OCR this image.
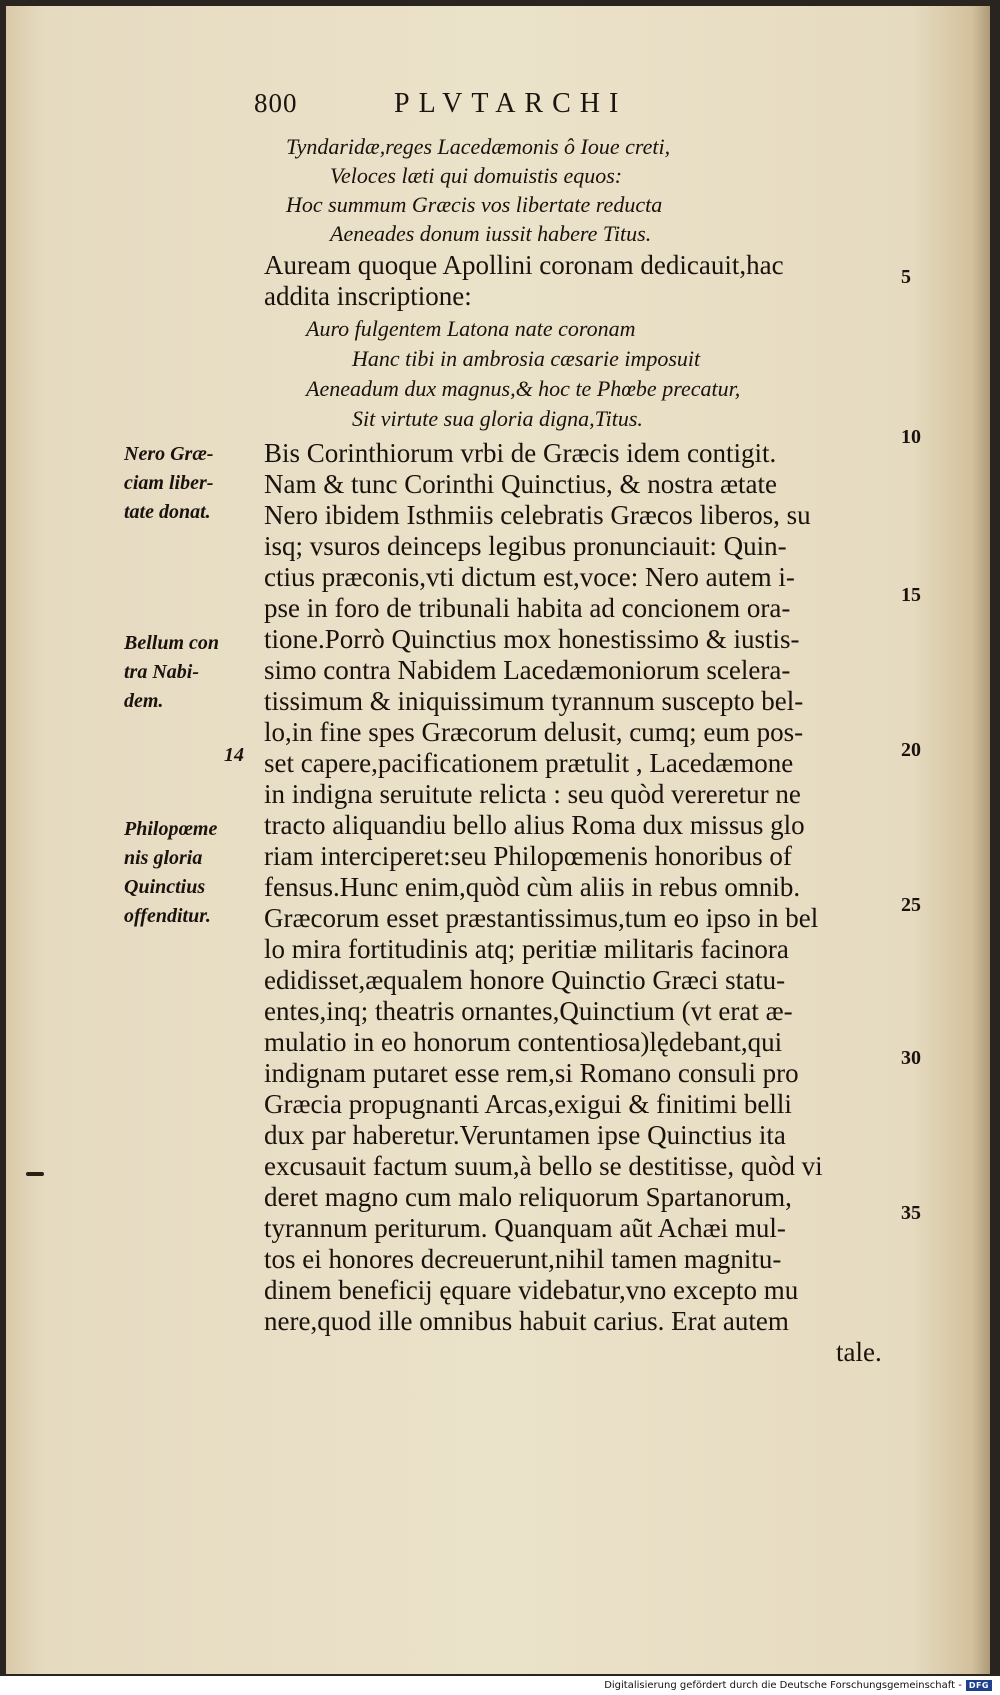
800	PLVTARCHI
Tyndaridæ,reges Lacedæmonis ô Ioue creti,
Veloces læti qui domuistis equos:
Hoc summum Græcis vos libertate reducta
Aeneades donum iussit habere Titus.
Auream quoque Apollini coronam dedicauit,hac
addita inscriptione:
Auro fulgentem Latona nate coronam
Hanc tibi in ambrosia cæsarie imposuit
Aeneadum dux magnus,& hoc te Phœbe precatur,
Sit virtute sua gloria digna,Titus.
Bis Corinthiorum vrbi de Græcis idem contigit.
Nam & tunc Corinthi Quinctius, & nostra ætate
Nero ibidem Isthmiis celebratis Græcos liberos, su
isq; vsuros deinceps legibus pronunciauit: Quin-
ctius præconis,vti dictum est,voce: Nero autem i-
pse in foro de tribunali habita ad concionem ora-
tione.Porrò Quinctius mox honestissimo & iustis-
simo contra Nabidem Lacedæmoniorum scelera-
tissimum & iniquissimum tyrannum suscepto bel-
lo,in fine spes Græcorum delusit, cumq; eum pos-
set capere,pacificationem prætulit , Lacedæmone
in indigna seruitute relicta : seu quòd vereretur ne
tracto aliquandiu bello alius Roma dux missus glo
riam interciperet:seu Philopœmenis honoribus of
fensus.Hunc enim,quòd cùm aliis in rebus omnib.
Græcorum esset præstantissimus,tum eo ipso in bel
lo mira fortitudinis atq; peritiæ militaris facinora
edidisset,æqualem honore Quinctio Græci statu-
entes,inq; theatris ornantes,Quinctium (vt erat æ-
mulatio in eo honorum contentiosa)lędebant,qui
indignam putaret esse rem,si Romano consuli pro
Græcia propugnanti Arcas,exigui & finitimi belli
dux par haberetur.Veruntamen ipse Quinctius ita
excusauit factum suum,à bello se destitisse, quòd vi
deret magno cum malo reliquorum Spartanorum,
tyrannum periturum. Quanquam aũt Achæi mul-
tos ei honores decreuerunt,nihil tamen magnitu-
dinem beneficij ęquare videbatur,vno excepto mu
nere,quod ille omnibus habuit carius. Erat autem
tale.
Nero Græ-
ciam liber-
tate donat.
Bellum con
tra Nabi-
dem.
14
Philopœme
nis gloria
Quinctius
offenditur.
5
10
15
20
25
30
35
Digitalisierung gefördert durch die Deutsche Forschungsgemeinschaft - DFG
